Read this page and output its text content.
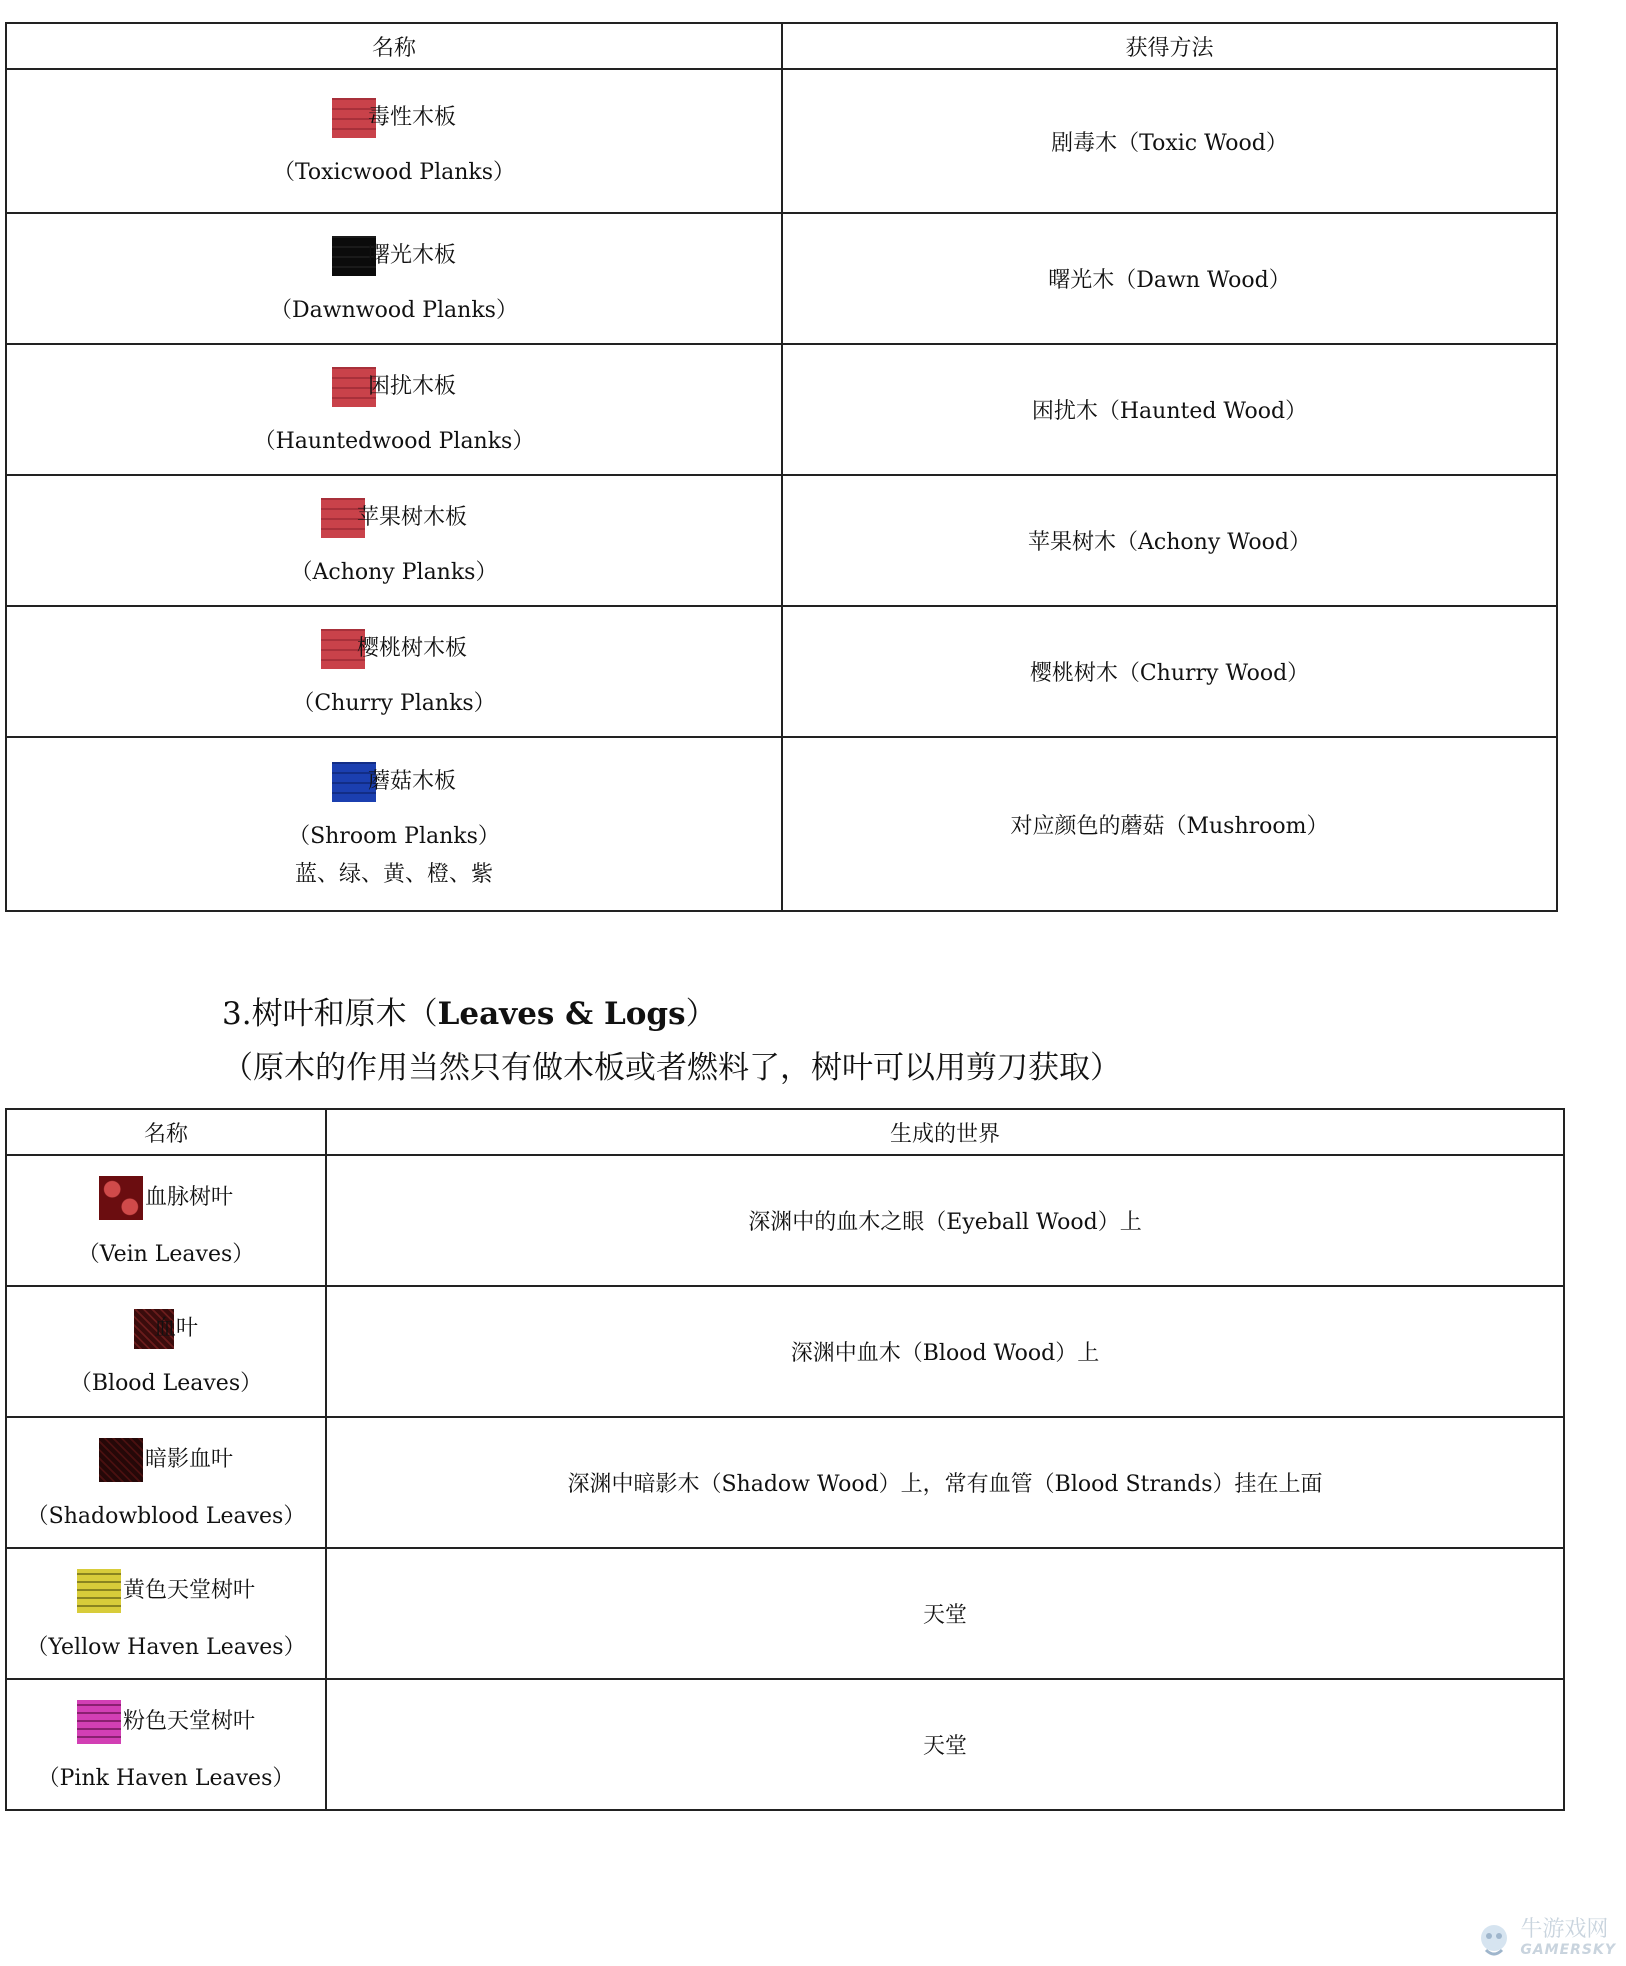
名称	获得方法

毒性木板
（Toxicwood Planks）	剧毒木（Toxic Wood）

曙光木板
（Dawnwood Planks）	曙光木（Dawn Wood）

困扰木板
（Hauntedwood Planks）	困扰木（Haunted Wood）

苹果树木板
（Achony Planks）	苹果树木（Achony Wood）

樱桃树木板
（Churry Planks）	樱桃树木（Churry Wood）

蘑菇木板
（Shroom Planks）
蓝、绿、黄、橙、紫	对应颜色的蘑菇（Mushroom）
3.树叶和原木（Leaves & Logs）
（原木的作用当然只有做木板或者燃料了，树叶可以用剪刀获取）
名称	生成的世界

血脉树叶
（Vein Leaves）	深渊中的血木之眼（Eyeball Wood）上

血叶
（Blood Leaves）	深渊中血木（Blood Wood）上

暗影血叶
（Shadowblood Leaves）	深渊中暗影木（Shadow Wood）上，常有血管（Blood Strands）挂在上面

黄色天堂树叶
（Yellow Haven Leaves）	天堂

粉色天堂树叶
（Pink Haven Leaves）	天堂
牛游戏网
GAMERSKY
